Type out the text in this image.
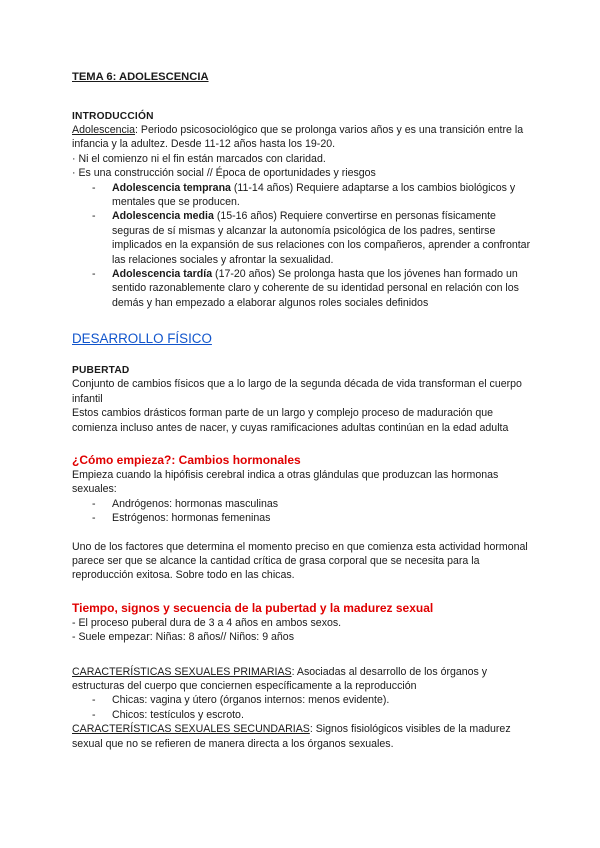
TEMA 6: ADOLESCENCIA
INTRODUCCIÓN

Adolescencia: Periodo psicosociológico que se prolonga varios años y es una transición entre la infancia y la adultez. Desde 11-12 años hasta los 19-20.

· Ni el comienzo ni el fin están marcados con claridad.

· Es una construcción social // Época de oportunidades y riesgos

- Adolescencia temprana (11-14 años) Requiere adaptarse a los cambios biológicos y mentales que se producen.
- Adolescencia media (15-16 años) Requiere convertirse en personas físicamente seguras de sí mismas y alcanzar la autonomía psicológica de los padres, sentirse implicados en la expansión de sus relaciones con los compañeros, aprender a confrontar las relaciones sociales y afrontar la sexualidad.
- Adolescencia tardía (17-20 años) Se prolonga hasta que los jóvenes han formado un sentido razonablemente claro y coherente de su identidad personal en relación con los demás y han empezado a elaborar algunos roles sociales definidos
DESARROLLO FÍSICO
PUBERTAD

Conjunto de cambios físicos que a lo largo de la segunda década de vida transforman el cuerpo infantil

Estos cambios drásticos forman parte de un largo y complejo proceso de maduración que comienza incluso antes de nacer, y cuyas ramificaciones adultas continúan en la edad adulta

¿Cómo empieza?: Cambios hormonales

Empieza cuando la hipófisis cerebral indica a otras glándulas que produzcan las hormonas sexuales:

- Andrógenos: hormonas masculinas
- Estrógenos: hormonas femeninas

Uno de los factores que determina el momento preciso en que comienza esta actividad hormonal parece ser que se alcance la cantidad crítica de grasa corporal que se necesita para la reproducción exitosa. Sobre todo en las chicas.

Tiempo, signos y secuencia de la pubertad y la madurez sexual

- El proceso puberal dura de 3 a 4 años en ambos sexos.

- Suele empezar: Niñas: 8 años// Niños: 9 años

CARACTERÍSTICAS SEXUALES PRIMARIAS: Asociadas al desarrollo de los órganos y estructuras del cuerpo que conciernen específicamente a la reproducción

- Chicas: vagina y útero (órganos internos: menos evidente).
- Chicos: testículos y escroto.

CARACTERÍSTICAS SEXUALES SECUNDARIAS: Signos fisiológicos visibles de la madurez sexual que no se refieren de manera directa a los órganos sexuales.
